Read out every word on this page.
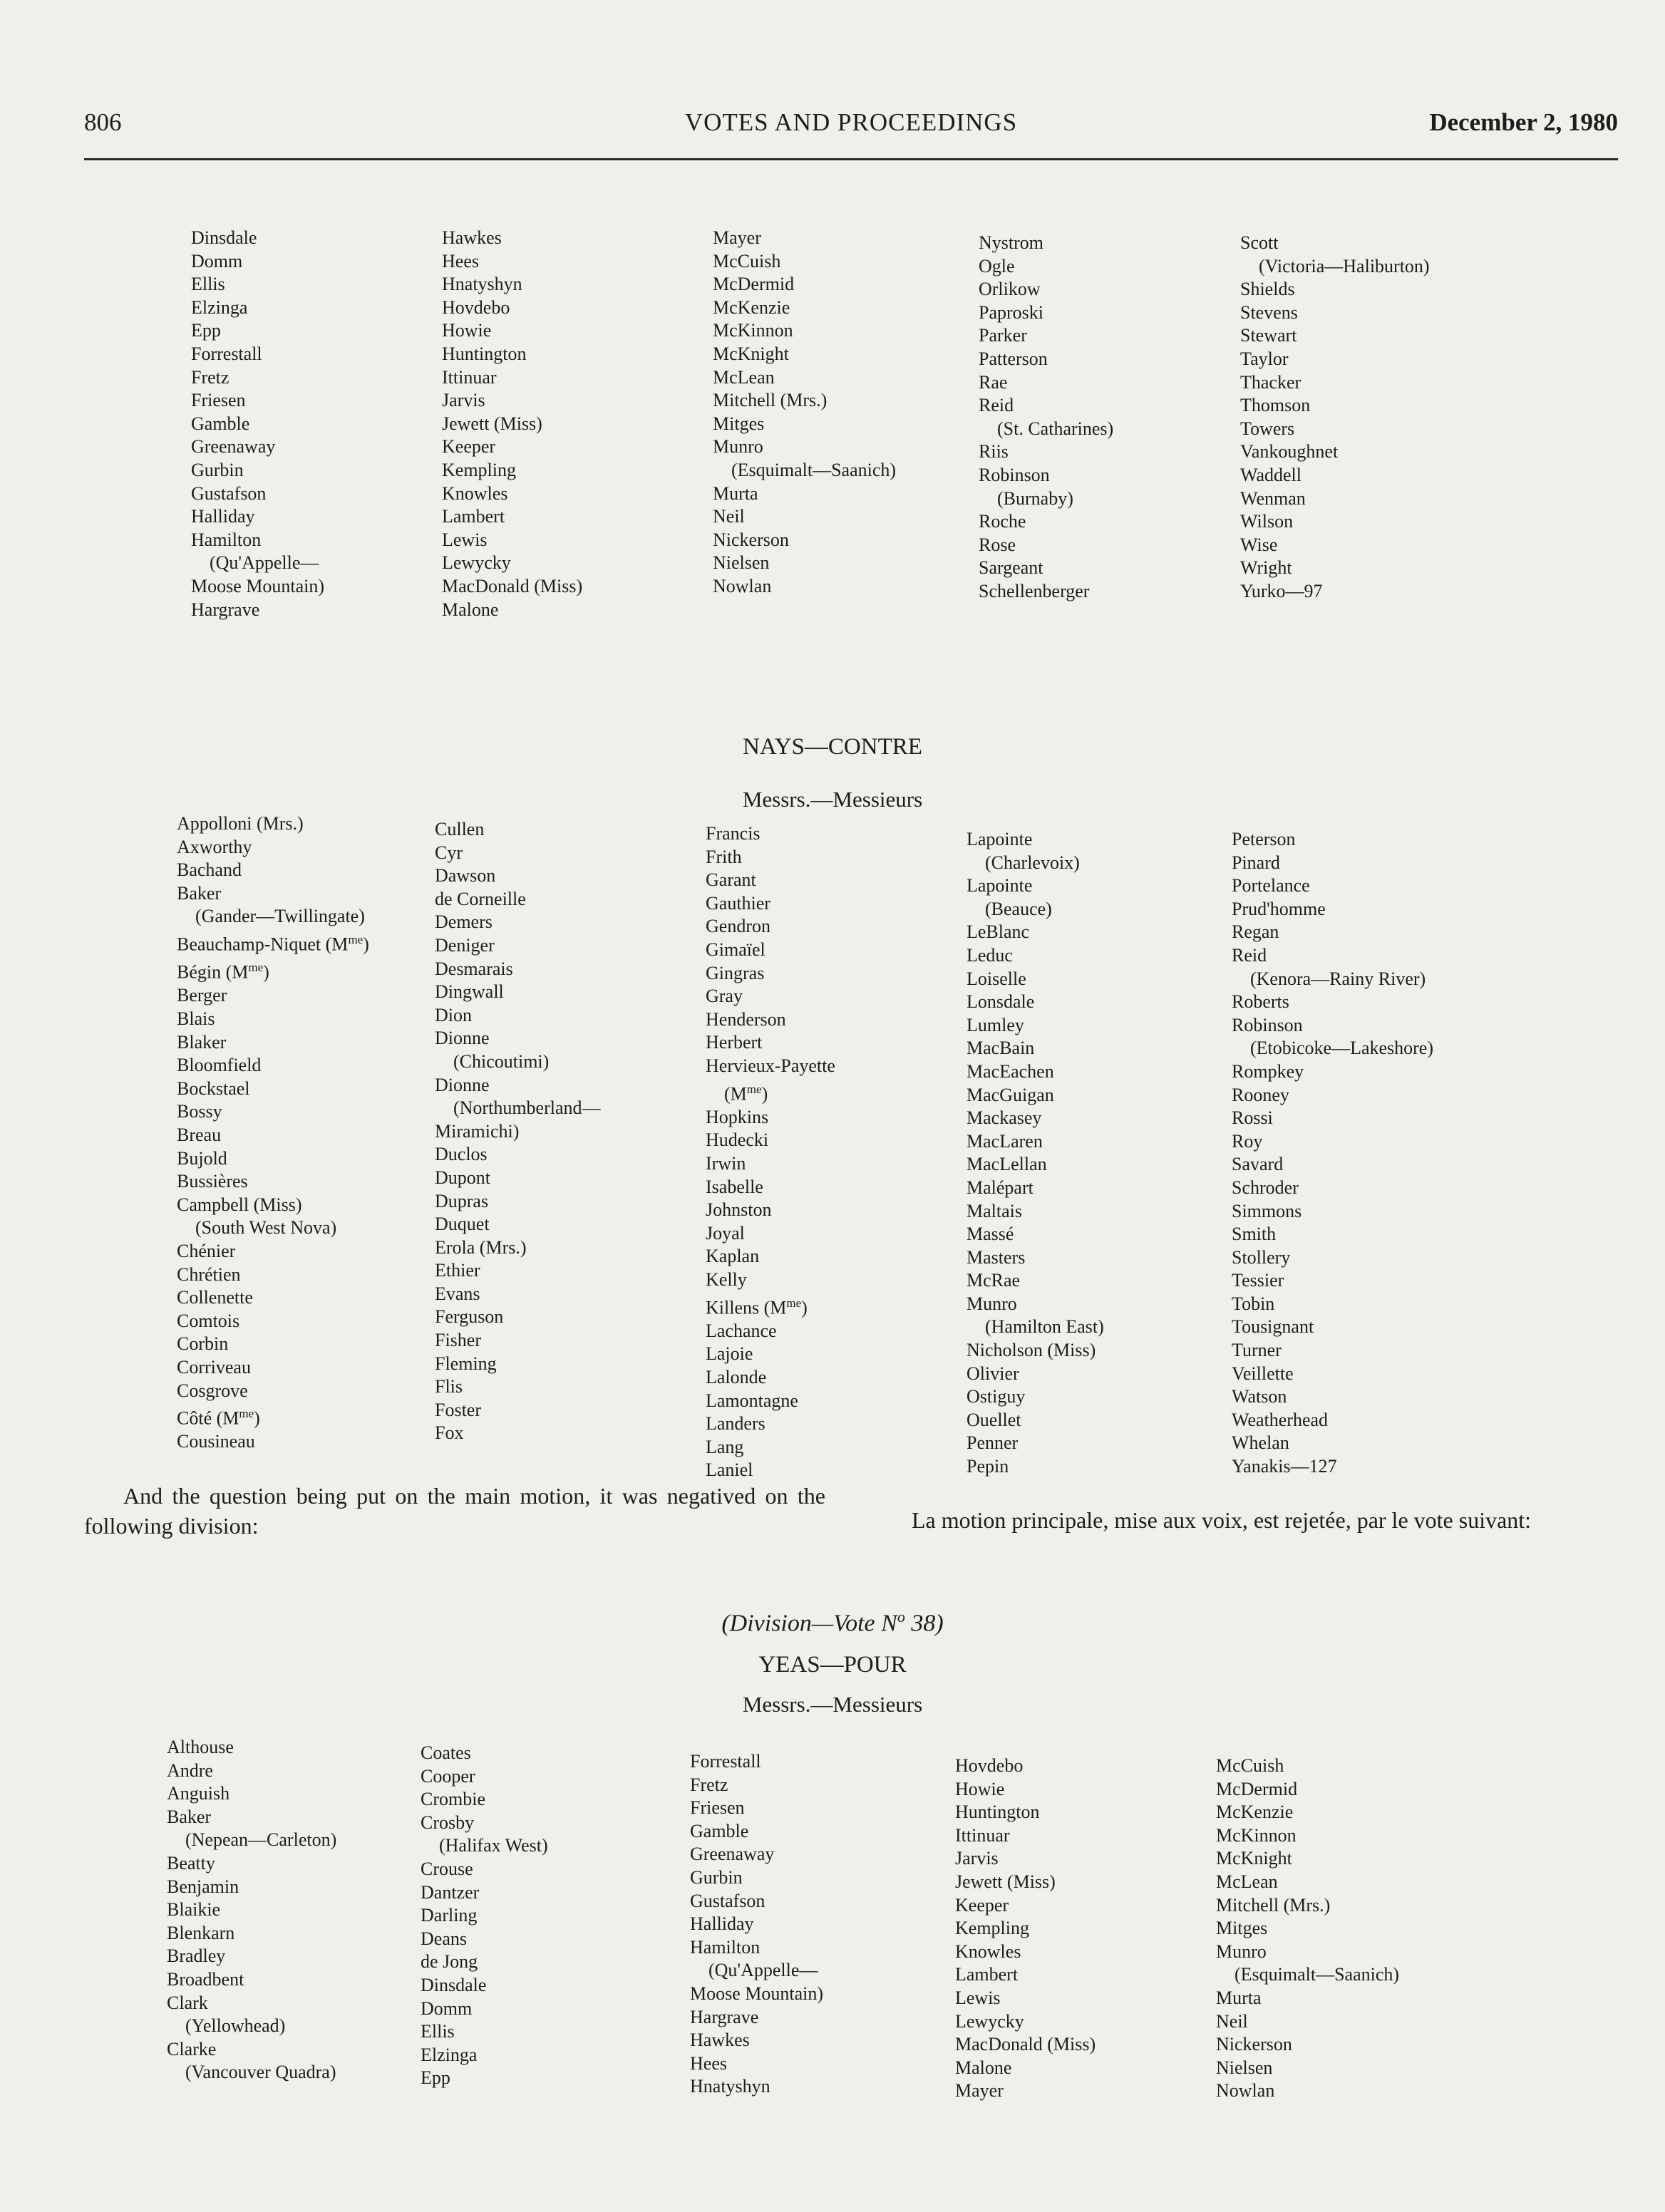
806	VOTES AND PROCEEDINGS	December 2, 1980
Dinsdale
Domm
Ellis
Elzinga
Epp
Forrestall
Fretz
Friesen
Gamble
Greenaway
Gurbin
Gustafson
Halliday
Hamilton
(Qu'Appelle—
Moose Mountain)
Hargrave
Hawkes
Hees
Hnatyshyn
Hovdebo
Howie
Huntington
Ittinuar
Jarvis
Jewett (Miss)
Keeper
Kempling
Knowles
Lambert
Lewis
Lewycky
MacDonald (Miss)
Malone
Mayer
McCuish
McDermid
McKenzie
McKinnon
McKnight
McLean
Mitchell (Mrs.)
Mitges
Munro
(Esquimalt—Saanich)
Murta
Neil
Nickerson
Nielsen
Nowlan
Nystrom
Ogle
Orlikow
Paproski
Parker
Patterson
Rae
Reid
(St. Catharines)
Riis
Robinson
(Burnaby)
Roche
Rose
Sargeant
Schellenberger
Scott
(Victoria—Haliburton)
Shields
Stevens
Stewart
Taylor
Thacker
Thomson
Towers
Vankoughnet
Waddell
Wenman
Wilson
Wise
Wright
Yurko—97
NAYS—CONTRE
Messrs.—Messieurs
Appolloni (Mrs.)
Axworthy
Bachand
Baker
(Gander—Twillingate)
Beauchamp-Niquet $(M^{me})$
Bégin $(M^{me})$
Berger
Blais
Blaker
Bloomfield
Bockstael
Bossy
Breau
Bujold
Bussières
Campbell (Miss)
(South West Nova)
Chénier
Chrétien
Collenette
Comtois
Corbin
Corriveau
Cosgrove
Côté $(M^{me})$
Cousineau
Cullen
Cyr
Dawson
de Corneille
Demers
Deniger
Desmarais
Dingwall
Dion
Dionne
(Chicoutimi)
Dionne
(Northumberland—
Miramichi)
Duclos
Dupont
Dupras
Duquet
Erola (Mrs.)
Ethier
Evans
Ferguson
Fisher
Fleming
Flis
Foster
Fox
Francis
Frith
Garant
Gauthier
Gendron
Gimaïel
Gingras
Gray
Henderson
Herbert
Hervieux-Payette
$(M^{me})$
Hopkins
Hudecki
Irwin
Isabelle
Johnston
Joyal
Kaplan
Kelly
Killens $(M^{me})$
Lachance
Lajoie
Lalonde
Lamontagne
Landers
Lang
Laniel
Lapointe
(Charlevoix)
Lapointe
(Beauce)
LeBlanc
Leduc
Loiselle
Lonsdale
Lumley
MacBain
MacEachen
MacGuigan
Mackasey
MacLaren
MacLellan
Malépart
Maltais
Massé
Masters
McRae
Munro
(Hamilton East)
Nicholson (Miss)
Olivier
Ostiguy
Ouellet
Penner
Pepin
Peterson
Pinard
Portelance
Prud'homme
Regan
Reid
(Kenora—Rainy River)
Roberts
Robinson
(Etobicoke—Lakeshore)
Rompkey
Rooney
Rossi
Roy
Savard
Schroder
Simmons
Smith
Stollery
Tessier
Tobin
Tousignant
Turner
Veillette
Watson
Weatherhead
Whelan
Yanakis—127

And the question being put on the main motion, it was negatived on the following division:	La motion principale, mise aux voix, est rejetée, par le vote suivant:

(Division—Vote $N^o$ 38)
YEAS—POUR
Messrs.—Messieurs
Althouse
Andre
Anguish
Baker
(Nepean—Carleton)
Beatty
Benjamin
Blaikie
Blenkarn
Bradley
Broadbent
Clark
(Yellowhead)
Clarke
(Vancouver Quadra)
Coates
Cooper
Crombie
Crosby
(Halifax West)
Crouse
Dantzer
Darling
Deans
de Jong
Dinsdale
Domm
Ellis
Elzinga
Epp
Forrestall
Fretz
Friesen
Gamble
Greenaway
Gurbin
Gustafson
Halliday
Hamilton
(Qu'Appelle—
Moose Mountain)
Hargrave
Hawkes
Hees
Hnatyshyn
Hovdebo
Howie
Huntington
Ittinuar
Jarvis
Jewett (Miss)
Keeper
Kempling
Knowles
Lambert
Lewis
Lewycky
MacDonald (Miss)
Malone
Mayer
McCuish
McDermid
McKenzie
McKinnon
McKnight
McLean
Mitchell (Mrs.)
Mitges
Munro
(Esquimalt—Saanich)
Murta
Neil
Nickerson
Nielsen
Nowlan
